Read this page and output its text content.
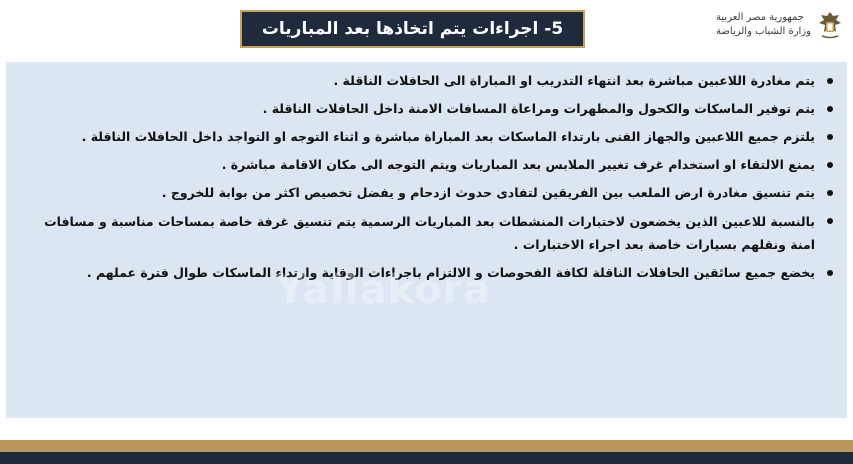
5- اجراءات يتم اتخاذها بعد المباريات
جمهورية مصر العربية
وزارة الشباب والرياضة
يتم مغادرة اللاعبين مباشرة بعد انتهاء التدريب او المباراة الى الحافلات الناقلة .
يتم توفير الماسكات والكحول والمطهرات ومراعاة المسافات الامنة داخل الحافلات الناقلة .
يلتزم جميع اللاعبين والجهاز الفنى بارتداء الماسكات بعد المباراة مباشرة و اثناء التوجه او التواجد داخل الحافلات الناقلة .
يمنع الالتقاء او استخدام غرف تغيير الملابس بعد المباريات ويتم التوجه الى مكان الاقامة مباشرة .
يتم تنسيق مغادرة ارض الملعب بين الفريقين لتفادى حدوث ازدحام و يفضل تخصيص اكثر من بوابة للخروج .
بالنسبة للاعبين الذين يخضعون لاختبارات المنشطات بعد المباريات الرسمية يتم تنسيق غرفة خاصة بمساحات مناسبة و مسافات امنة ونقلهم بسيارات خاصة بعد اجراء الاختبارات .
يخضع جميع سائقين الحافلات الناقلة لكافة الفحوصات و الالتزام باجراءات الوقاية وارتداء الماسكات طوال فترة عملهم .
Yallakora
